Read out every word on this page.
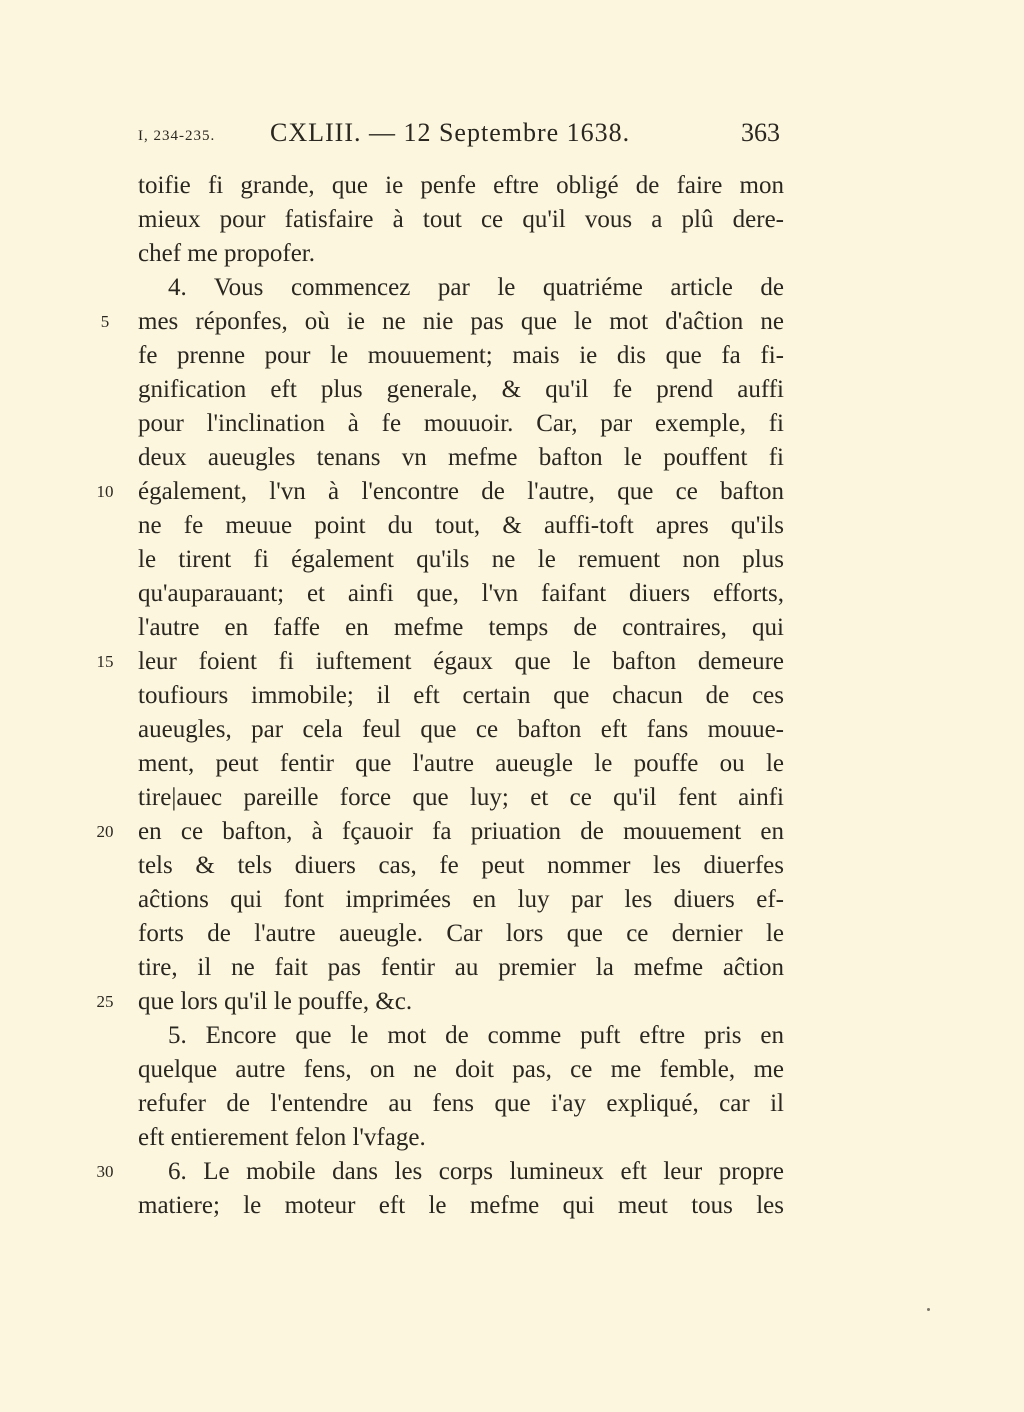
I, 234-235. CXLIII. — 12 Septembre 1638.	363
toifie fi grande, que ie penfe eftre obligé de faire mon
mieux pour fatisfaire à tout ce qu'il vous a plû dere-
chef me propofer.
4. Vous commencez par le quatriéme article de
mes réponfes, où ie ne nie pas que le mot d'aĉtion ne
fe prenne pour le mouuement; mais ie dis que fa fi-
gnification eft plus generale, & qu'il fe prend auffi
pour l'inclination à fe mouuoir. Car, par exemple, fi
deux aueugles tenans vn mefme bafton le pouffent fi
également, l'vn à l'encontre de l'autre, que ce bafton
ne fe meuue point du tout, & auffi-toft apres qu'ils
le tirent fi également qu'ils ne le remuent non plus
qu'auparauant; et ainfi que, l'vn faifant diuers efforts,
l'autre en faffe en mefme temps de contraires, qui
leur foient fi iuftement égaux que le bafton demeure
toufiours immobile; il eft certain que chacun de ces
aueugles, par cela feul que ce bafton eft fans mouue-
ment, peut fentir que l'autre aueugle le pouffe ou le
tire|auec pareille force que luy; et ce qu'il fent ainfi
en ce bafton, à fçauoir fa priuation de mouuement en
tels & tels diuers cas, fe peut nommer les diuerfes
aĉtions qui font imprimées en luy par les diuers ef-
forts de l'autre aueugle. Car lors que ce dernier le
tire, il ne fait pas fentir au premier la mefme aĉtion
que lors qu'il le pouffe, &c.
5. Encore que le mot de comme puft eftre pris en
quelque autre fens, on ne doit pas, ce me femble, me
refufer de l'entendre au fens que i'ay expliqué, car il
eft entierement felon l'vfage.
6. Le mobile dans les corps lumineux eft leur propre
matiere; le moteur eft le mefme qui meut tous les
5
10
15
20
25
30
